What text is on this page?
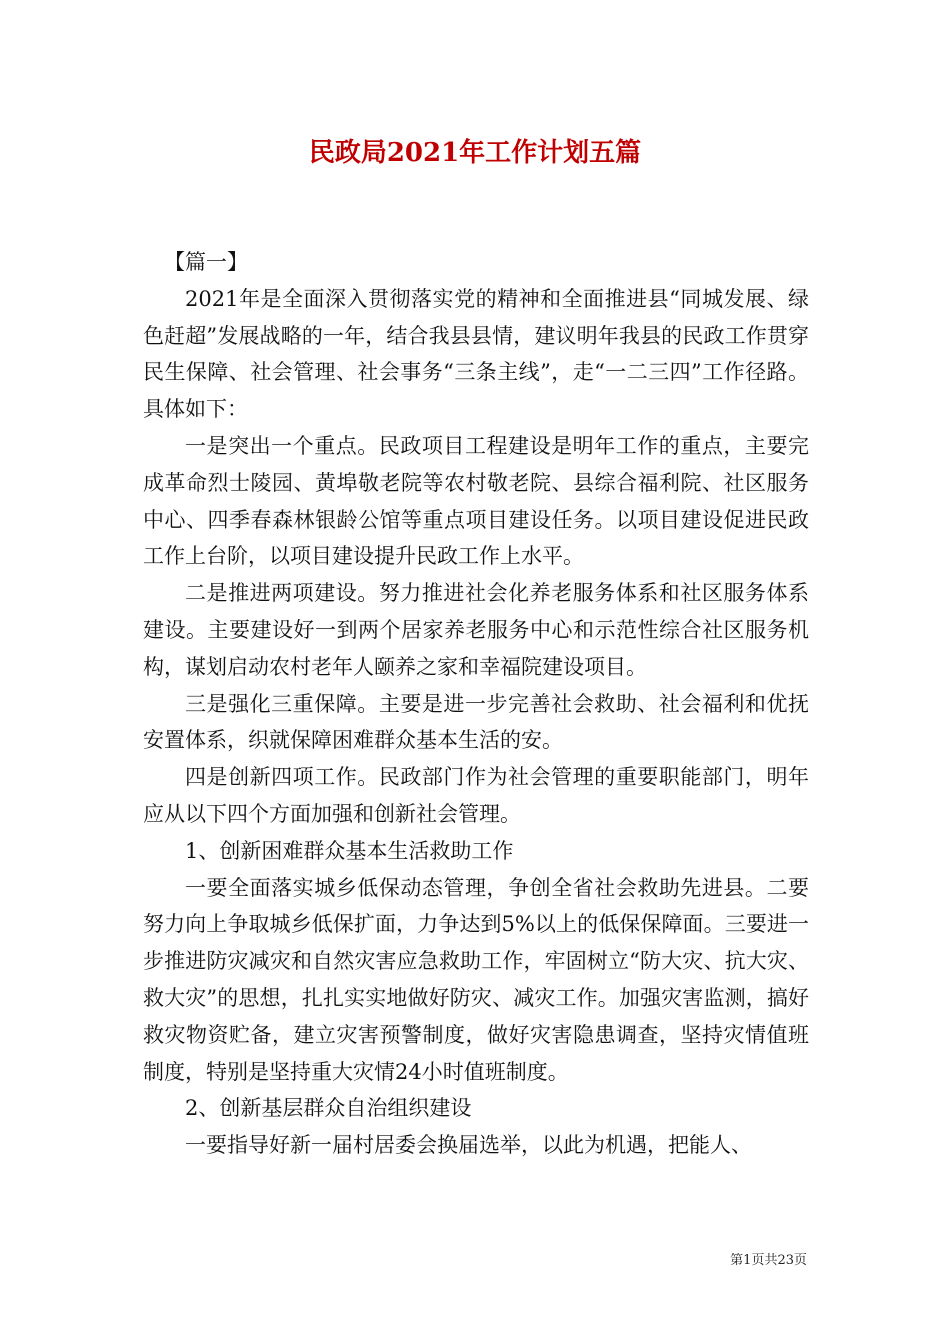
民政局2021年工作计划五篇

【篇一】

2021年是全面深入贯彻落实党的精神和全面推进县“同城发展、绿色赶超”发展战略的一年，结合我县县情，建议明年我县的民政工作贯穿民生保障、社会管理、社会事务“三条主线”，走“一二三四”工作径路。具体如下：

一是突出一个重点。民政项目工程建设是明年工作的重点，主要完成革命烈士陵园、黄埠敬老院等农村敬老院、县综合福利院、社区服务中心、四季春森林银龄公馆等重点项目建设任务。以项目建设促进民政工作上台阶，以项目建设提升民政工作上水平。

二是推进两项建设。努力推进社会化养老服务体系和社区服务体系建设。主要建设好一到两个居家养老服务中心和示范性综合社区服务机构，谋划启动农村老年人颐养之家和幸福院建设项目。

三是强化三重保障。主要是进一步完善社会救助、社会福利和优抚安置体系，织就保障困难群众基本生活的安。

四是创新四项工作。民政部门作为社会管理的重要职能部门，明年应从以下四个方面加强和创新社会管理。

1、创新困难群众基本生活救助工作

一要全面落实城乡低保动态管理，争创全省社会救助先进县。二要努力向上争取城乡低保扩面，力争达到5%以上的低保保障面。三要进一步推进防灾减灾和自然灾害应急救助工作，牢固树立“防大灾、抗大灾、救大灾”的思想，扎扎实实地做好防灾、减灾工作。加强灾害监测，搞好救灾物资贮备，建立灾害预警制度，做好灾害隐患调查，坚持灾情值班制度，特别是坚持重大灾情24小时值班制度。

2、创新基层群众自治组织建设

一要指导好新一届村居委会换届选举，以此为机遇，把能人、

第1页共23页
